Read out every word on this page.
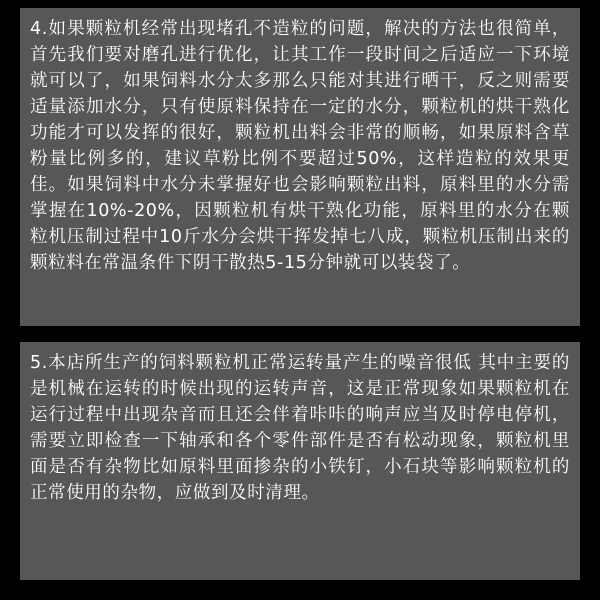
4.如果颗粒机经常出现堵孔不造粒的问题，解决的方法也很简单，首先我们要对磨孔进行优化，让其工作一段时间之后适应一下环境就可以了，如果饲料水分太多那么只能对其进行晒干，反之则需要适量添加水分，只有使原料保持在一定的水分，颗粒机的烘干熟化功能才可以发挥的很好，颗粒机出料会非常的顺畅，如果原料含草粉量比例多的，建议草粉比例不要超过50%，这样造粒的效果更佳。如果饲料中水分未掌握好也会影响颗粒出料，原料里的水分需掌握在10%-20%，因颗粒机有烘干熟化功能，原料里的水分在颗粒机压制过程中10斤水分会烘干挥发掉七八成，颗粒机压制出来的颗粒料在常温条件下阴干散热5-15分钟就可以装袋了。

5.本店所生产的饲料颗粒机正常运转量产生的噪音很低 其中主要的是机械在运转的时候出现的运转声音，这是正常现象如果颗粒机在运行过程中出现杂音而且还会伴着咔咔的响声应当及时停电停机，需要立即检查一下轴承和各个零件部件是否有松动现象，颗粒机里面是否有杂物比如原料里面掺杂的小铁钉，小石块等影响颗粒机的正常使用的杂物，应做到及时清理。
